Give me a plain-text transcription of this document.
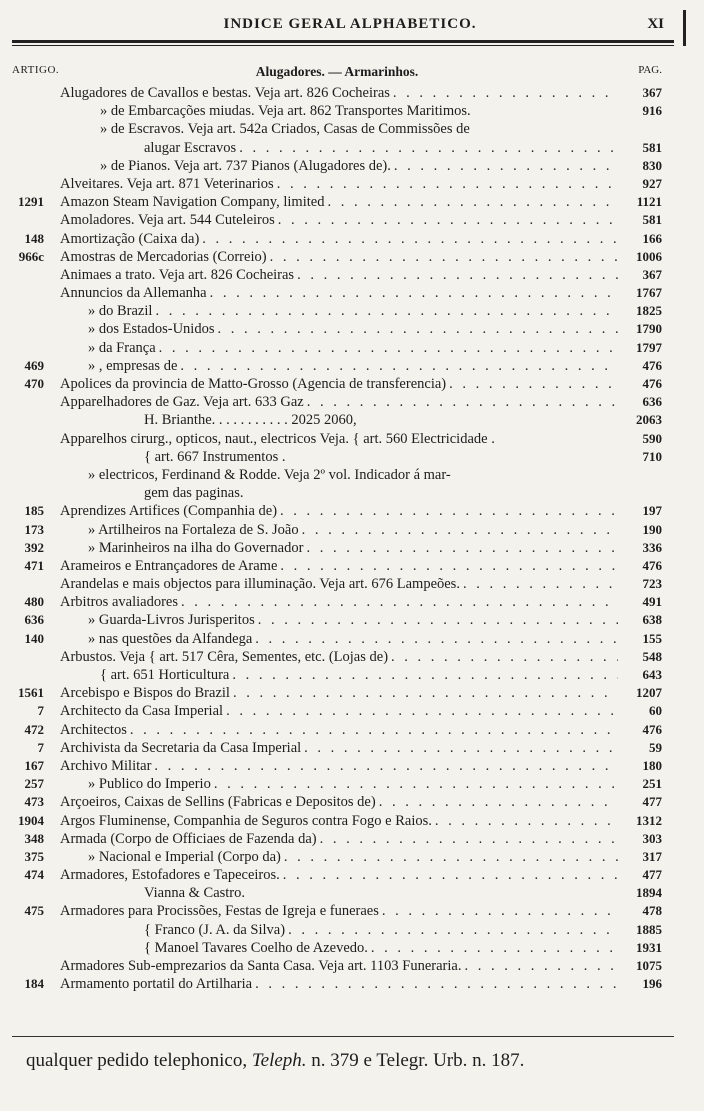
INDICE GERAL ALPHABETICO.	XI
ARTIGO.	Alugadores. — Armarinhos.	PAG.
Alugadores de Cavallos e bestas. Veja art. 826 Cocheiras . . .	367
» de Embarcações miudas. Veja art. 862 Transportes Maritimos.	916
» de Escravos. Veja art. 542a Criados, Casas de Commissões de
alugar Escravos . . .	581
» de Pianos. Veja art. 737 Pianos (Alugadores de). . . .	830
Alveitares. Veja art. 871 Veterinarios . . .	927
1291 Amazon Steam Navigation Company, limited . . .	1121
Amoladores. Veja art. 544 Cuteleiros . . .	581
148 Amortização (Caixa da) . . .	166
966c Amostras de Mercadorias (Correio) . . .	1006
Animaes a trato. Veja art. 826 Cocheiras . . .	367
Annuncios da Allemanha . . .	1767
» do Brazil . . .	1825
» dos Estados-Unidos . . .	1790
» da França . . .	1797
469	» , empresas de . . .	476
470 Apolices da provincia de Matto-Grosso (Agencia de transferencia) . . .	476
Apparelhadores de Gaz. Veja art. 633 Gaz . . .	636
H. Brianthe. . . . . . . . . . . 2025 2060,	2063
Apparelhos cirurg., opticos, naut., electricos Veja. { art. 560 Electricidade .	590
{ art. 667 Instrumentos .	710
» electricos, Ferdinand & Rodde. Veja 2º vol. Indicador á mar-
gem das paginas.
185 Aprendizes Artifices (Companhia de) . . .	197
173	» Artilheiros na Fortaleza de S. João . . .	190
392	» Marinheiros na ilha do Governador . . .	336
471 Arameiros e Entrançadores de Arame . . .	476
Arandelas e mais objectos para illuminação. Veja art. 676 Lampeões. . . .	723
480 Arbitros avaliadores . . .	491
636	» Guarda-Livros Jurisperitos . . .	638
140	» nas questões da Alfandega . . .	155
Arbustos. Veja { art. 517 Cêra, Sementes, etc. (Lojas de) . . .	548
{ art. 651 Horticultura . . .	643
1561 Arcebispo e Bispos do Brazil . . .	1207
7 Architecto da Casa Imperial . . .	60
472 Architectos . . .	476
7 Archivista da Secretaria da Casa Imperial . . .	59
167 Archivo Militar . . .	180
257	» Publico do Imperio . . .	251
473 Arçoeiros, Caixas de Sellins (Fabricas e Depositos de) . . .	477
1904 Argos Fluminense, Companhia de Seguros contra Fogo e Raios. . . .	1312
348 Armada (Corpo de Officiaes de Fazenda da) . . .	303
375	» Nacional e Imperial (Corpo da) . . .	317
474 Armadores, Estofadores e Tapeceiros. . . .	477
Vianna & Castro.	1894
475 Armadores para Procissões, Festas de Igreja e funeraes . . .	478
{ Franco (J. A. da Silva) . . .	1885
{ Manoel Tavares Coelho de Azevedo. . . .	1931
Armadores Sub-emprezarios da Santa Casa. Veja art. 1103 Funeraria. . . .	1075
184 Armamento portatil do Artilharia . . .	196
qualquer pedido telephonico, Teleph. n. 379 e Telegr. Urb. n. 187.
